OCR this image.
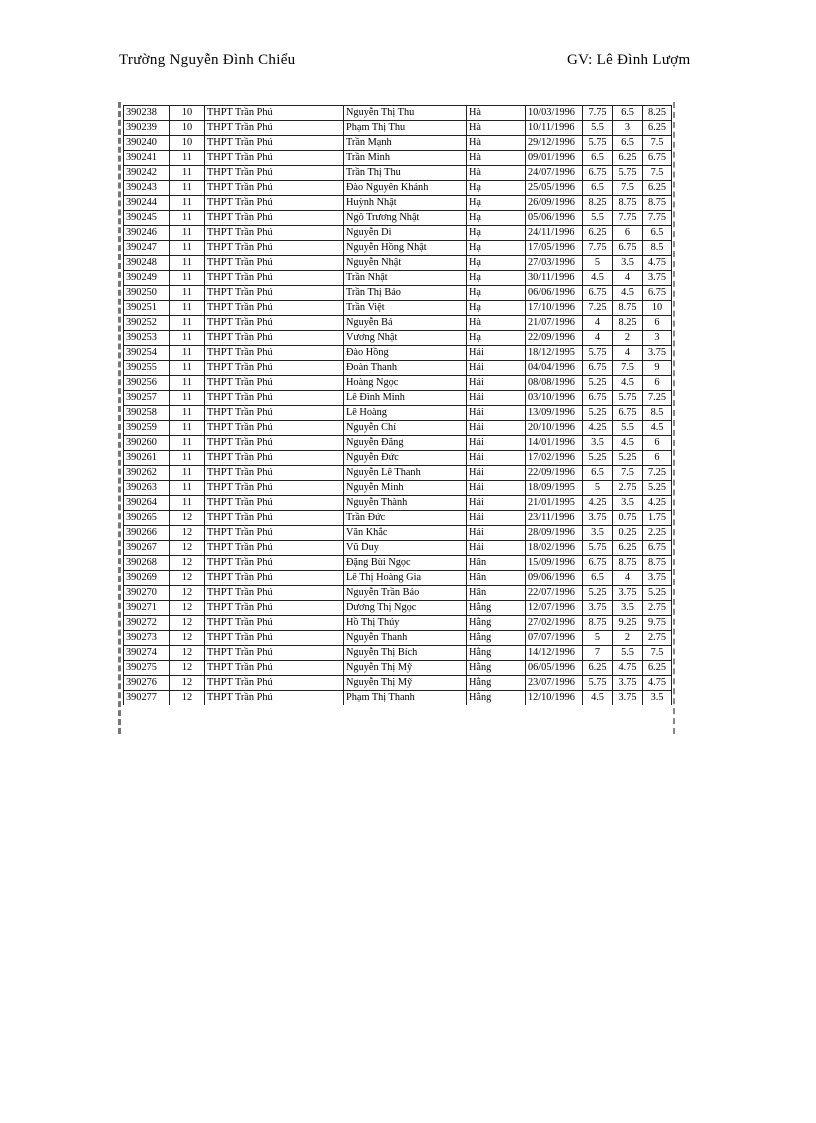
Trường Nguyễn Đình Chiểu	GV: Lê Đình Lượm
390238	10	THPT Trần Phú	Nguyễn Thị Thu	Hà	10/03/1996	7.75	6.5	8.25
390239	10	THPT Trần Phú	Phạm Thị Thu	Hà	10/11/1996	5.5	3	6.25
390240	10	THPT Trần Phú	Trần Mạnh	Hà	29/12/1996	5.75	6.5	7.5
390241	11	THPT Trần Phú	Trần Minh	Hà	09/01/1996	6.5	6.25	6.75
390242	11	THPT Trần Phú	Trần Thị Thu	Hà	24/07/1996	6.75	5.75	7.5
390243	11	THPT Trần Phú	Đào Nguyên Khánh	Hạ	25/05/1996	6.5	7.5	6.25
390244	11	THPT Trần Phú	Huỳnh Nhật	Hạ	26/09/1996	8.25	8.75	8.75
390245	11	THPT Trần Phú	Ngô Trương Nhật	Hạ	05/06/1996	5.5	7.75	7.75
390246	11	THPT Trần Phú	Nguyễn Di	Hạ	24/11/1996	6.25	6	6.5
390247	11	THPT Trần Phú	Nguyễn Hồng Nhật	Hạ	17/05/1996	7.75	6.75	8.5
390248	11	THPT Trần Phú	Nguyễn Nhật	Hạ	27/03/1996	5	3.5	4.75
390249	11	THPT Trần Phú	Trần Nhật	Hạ	30/11/1996	4.5	4	3.75
390250	11	THPT Trần Phú	Trần Thị Bảo	Hạ	06/06/1996	6.75	4.5	6.75
390251	11	THPT Trần Phú	Trần Việt	Hạ	17/10/1996	7.25	8.75	10
390252	11	THPT Trần Phú	Nguyễn Bá	Hà	21/07/1996	4	8.25	6
390253	11	THPT Trần Phú	Vương Nhật	Hạ	22/09/1996	4	2	3
390254	11	THPT Trần Phú	Đào Hồng	Hải	18/12/1995	5.75	4	3.75
390255	11	THPT Trần Phú	Đoàn Thanh	Hải	04/04/1996	6.75	7.5	9
390256	11	THPT Trần Phú	Hoàng Ngọc	Hải	08/08/1996	5.25	4.5	6
390257	11	THPT Trần Phú	Lê Đình Minh	Hải	03/10/1996	6.75	5.75	7.25
390258	11	THPT Trần Phú	Lê Hoàng	Hải	13/09/1996	5.25	6.75	8.5
390259	11	THPT Trần Phú	Nguyễn Chí	Hải	20/10/1996	4.25	5.5	4.5
390260	11	THPT Trần Phú	Nguyễn Đăng	Hải	14/01/1996	3.5	4.5	6
390261	11	THPT Trần Phú	Nguyễn Đức	Hải	17/02/1996	5.25	5.25	6
390262	11	THPT Trần Phú	Nguyễn Lê Thanh	Hải	22/09/1996	6.5	7.5	7.25
390263	11	THPT Trần Phú	Nguyễn Minh	Hải	18/09/1995	5	2.75	5.25
390264	11	THPT Trần Phú	Nguyễn Thành	Hải	21/01/1995	4.25	3.5	4.25
390265	12	THPT Trần Phú	Trần Đức	Hải	23/11/1996	3.75	0.75	1.75
390266	12	THPT Trần Phú	Văn Khắc	Hải	28/09/1996	3.5	0.25	2.25
390267	12	THPT Trần Phú	Vũ Duy	Hải	18/02/1996	5.75	6.25	6.75
390268	12	THPT Trần Phú	Đặng Bùi Ngọc	Hân	15/09/1996	6.75	8.75	8.75
390269	12	THPT Trần Phú	Lê Thị Hoàng Gia	Hân	09/06/1996	6.5	4	3.75
390270	12	THPT Trần Phú	Nguyễn Trần Bảo	Hân	22/07/1996	5.25	3.75	5.25
390271	12	THPT Trần Phú	Dương Thị Ngọc	Hằng	12/07/1996	3.75	3.5	2.75
390272	12	THPT Trần Phú	Hồ Thị Thúy	Hằng	27/02/1996	8.75	9.25	9.75
390273	12	THPT Trần Phú	Nguyễn Thanh	Hằng	07/07/1996	5	2	2.75
390274	12	THPT Trần Phú	Nguyễn Thị Bích	Hằng	14/12/1996	7	5.5	7.5
390275	12	THPT Trần Phú	Nguyễn Thị Mỹ	Hằng	06/05/1996	6.25	4.75	6.25
390276	12	THPT Trần Phú	Nguyễn Thị Mỹ	Hằng	23/07/1996	5.75	3.75	4.75
390277	12	THPT Trần Phú	Phạm Thị Thanh	Hằng	12/10/1996	4.5	3.75	3.5
